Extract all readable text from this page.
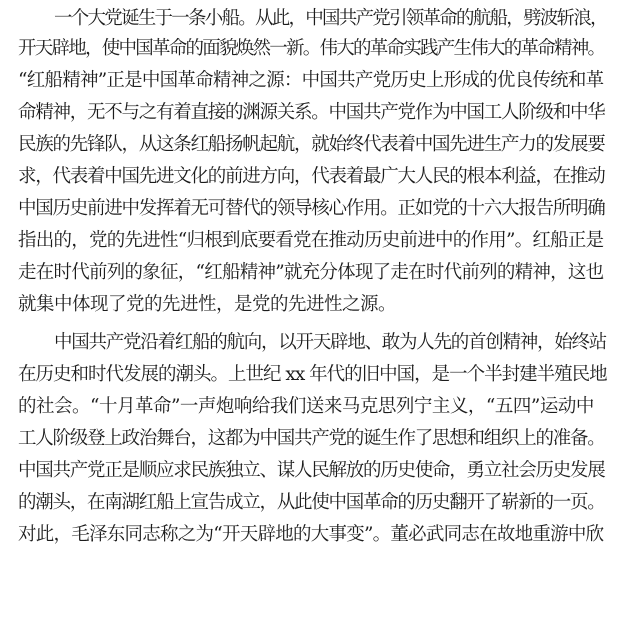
一个大党诞生于一条小船。从此，中国共产党引领革命的航船，劈波斩浪，
开天辟地，使中国革命的面貌焕然一新。伟大的革命实践产生伟大的革命精神。
“红船精神”正是中国革命精神之源：中国共产党历史上形成的优良传统和革
命精神，无不与之有着直接的渊源关系。中国共产党作为中国工人阶级和中华
民族的先锋队，从这条红船扬帆起航，就始终代表着中国先进生产力的发展要
求，代表着中国先进文化的前进方向，代表着最广大人民的根本利益，在推动
中国历史前进中发挥着无可替代的领导核心作用。正如党的十六大报告所明确
指出的，党的先进性“归根到底要看党在推动历史前进中的作用”。红船正是
走在时代前列的象征，“红船精神”就充分体现了走在时代前列的精神，这也
就集中体现了党的先进性，是党的先进性之源。
中国共产党沿着红船的航向，以开天辟地、敢为人先的首创精神，始终站
在历史和时代发展的潮头。上世纪 xx 年代的旧中国，是一个半封建半殖民地
的社会。“十月革命”一声炮响给我们送来马克思列宁主义，“五四”运动中
工人阶级登上政治舞台，这都为中国共产党的诞生作了思想和组织上的准备。
中国共产党正是顺应求民族独立、谋人民解放的历史使命，勇立社会历史发展
的潮头，在南湖红船上宣告成立，从此使中国革命的历史翻开了崭新的一页。
对此，毛泽东同志称之为“开天辟地的大事变”。董必武同志在故地重游中欣
